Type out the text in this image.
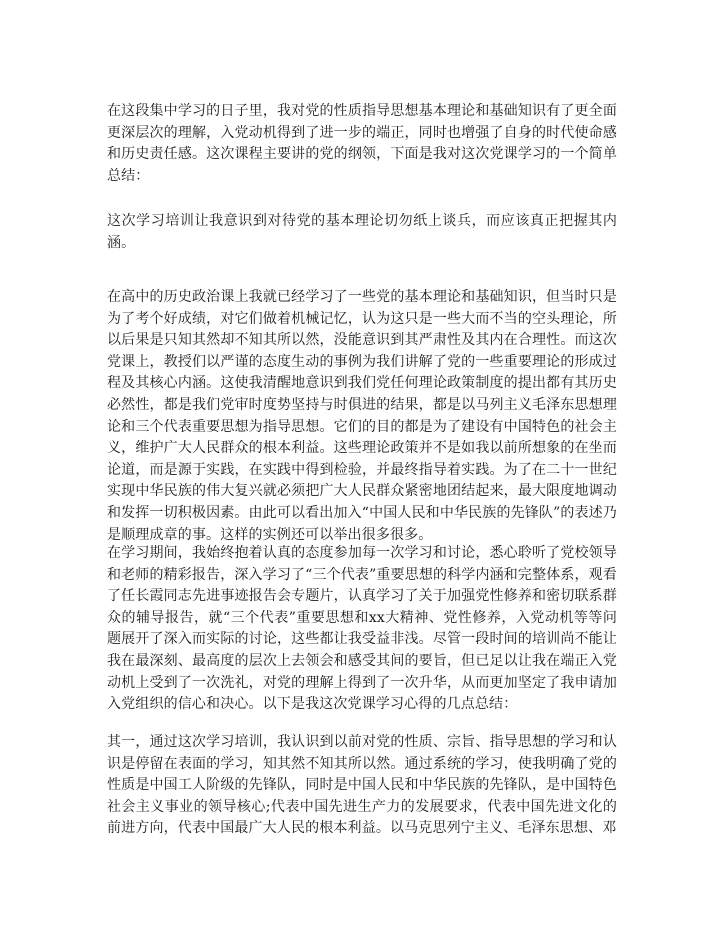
在这段集中学习的日子里，我对党的性质指导思想基本理论和基础知识有了更全面更深层次的理解，入党动机得到了进一步的端正，同时也增强了自身的时代使命感和历史责任感。这次课程主要讲的党的纲领，下面是我对这次党课学习的一个简单总结：

这次学习培训让我意识到对待党的基本理论切勿纸上谈兵，而应该真正把握其内涵。

在高中的历史政治课上我就已经学习了一些党的基本理论和基础知识，但当时只是为了考个好成绩，对它们做着机械记忆，认为这只是一些大而不当的空头理论，所以后果是只知其然却不知其所以然，没能意识到其严肃性及其内在合理性。而这次党课上，教授们以严谨的态度生动的事例为我们讲解了党的一些重要理论的形成过程及其核心内涵。这使我清醒地意识到我们党任何理论政策制度的提出都有其历史必然性，都是我们党审时度势坚持与时俱进的结果，都是以马列主义毛泽东思想理论和三个代表重要思想为指导思想。它们的目的都是为了建设有中国特色的社会主义，维护广大人民群众的根本利益。这些理论政策并不是如我以前所想象的在坐而论道，而是源于实践，在实践中得到检验，并最终指导着实践。为了在二十一世纪实现中华民族的伟大复兴就必须把广大人民群众紧密地团结起来，最大限度地调动和发挥一切积极因素。由此可以看出加入“中国人民和中华民族的先锋队”的表述乃是顺理成章的事。这样的实例还可以举出很多很多。

在学习期间，我始终抱着认真的态度参加每一次学习和讨论，悉心聆听了党校领导和老师的精彩报告，深入学习了“三个代表”重要思想的科学内涵和完整体系，观看了任长霞同志先进事迹报告会专题片，认真学习了关于加强党性修养和密切联系群众的辅导报告，就“三个代表”重要思想和xx大精神、党性修养，入党动机等等问题展开了深入而实际的讨论，这些都让我受益非浅。尽管一段时间的培训尚不能让我在最深刻、最高度的层次上去领会和感受其间的要旨，但已足以让我在端正入党动机上受到了一次洗礼，对党的理解上得到了一次升华，从而更加坚定了我申请加入党组织的信心和决心。以下是我这次党课学习心得的几点总结：

其一，通过这次学习培训，我认识到以前对党的性质、宗旨、指导思想的学习和认识是停留在表面的学习，知其然不知其所以然。通过系统的学习，使我明确了党的性质是中国工人阶级的先锋队，同时是中国人民和中华民族的先锋队，是中国特色社会主义事业的领导核心;代表中国先进生产力的发展要求，代表中国先进文化的前进方向，代表中国最广大人民的根本利益。以马克思列宁主义、毛泽东思想、邓
